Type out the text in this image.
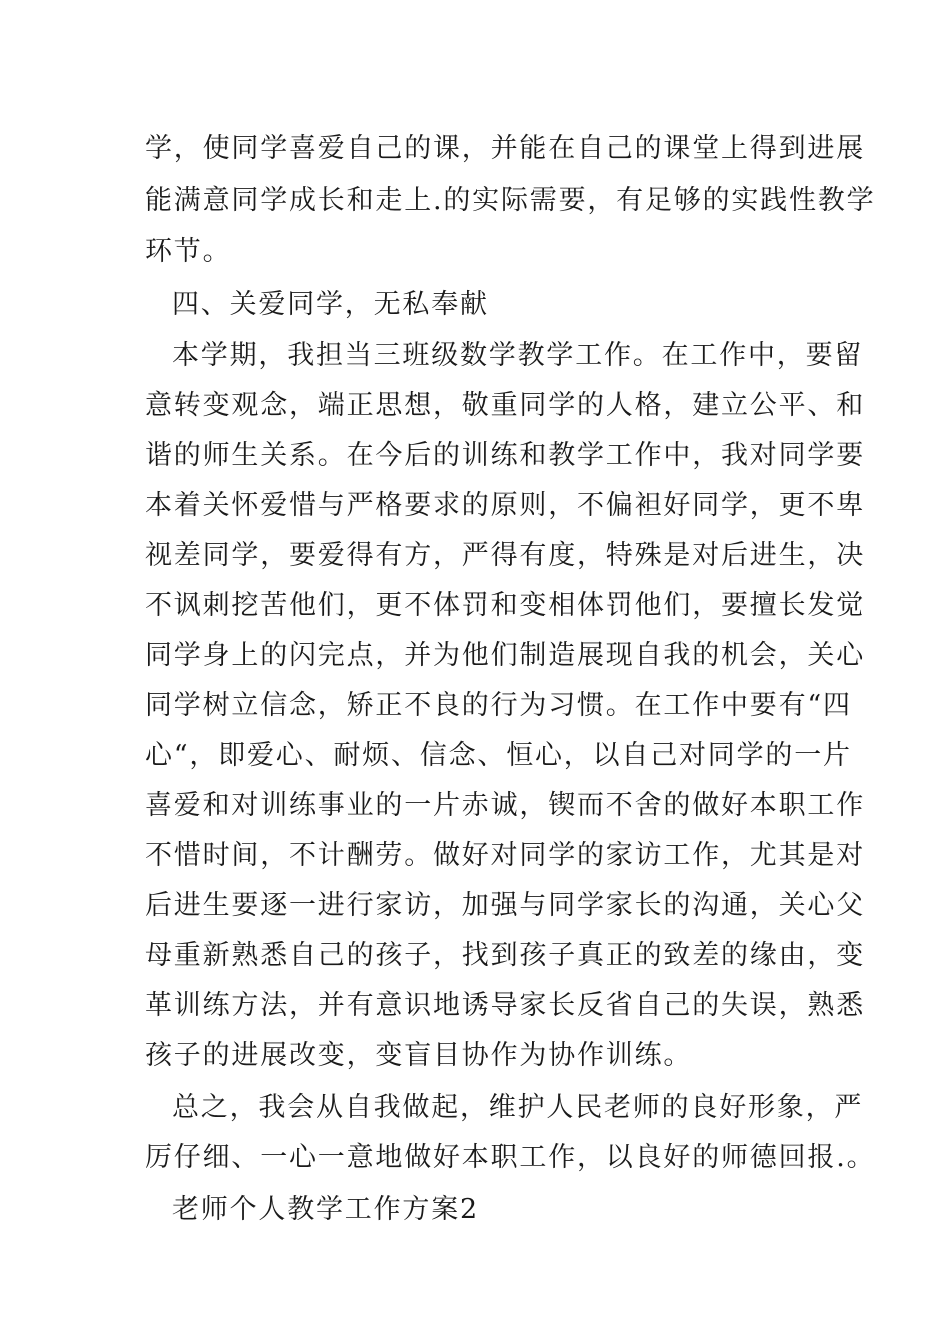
学，使同学喜爱自己的课，并能在自己的课堂上得到进展
能满意同学成长和走上.的实际需要，有足够的实践性教学
环节。
四、关爱同学，无私奉献
本学期，我担当三班级数学教学工作。在工作中，要留
意转变观念，端正思想，敬重同学的人格，建立公平、和
谐的师生关系。在今后的训练和教学工作中，我对同学要
本着关怀爱惜与严格要求的原则，不偏袒好同学，更不卑
视差同学，要爱得有方，严得有度，特殊是对后进生，决
不讽刺挖苦他们，更不体罚和变相体罚他们，要擅长发觉
同学身上的闪完点，并为他们制造展现自我的机会，关心
同学树立信念，矫正不良的行为习惯。在工作中要有“四
心“，即爱心、耐烦、信念、恒心，以自己对同学的一片
喜爱和对训练事业的一片赤诚，锲而不舍的做好本职工作
不惜时间，不计酬劳。做好对同学的家访工作，尤其是对
后进生要逐一进行家访，加强与同学家长的沟通，关心父
母重新熟悉自己的孩子，找到孩子真正的致差的缘由，变
革训练方法，并有意识地诱导家长反省自己的失误，熟悉
孩子的进展改变，变盲目协作为协作训练。
总之，我会从自我做起，维护人民老师的良好形象，严
厉仔细、一心一意地做好本职工作，以良好的师德回报.。
老师个人教学工作方案2
